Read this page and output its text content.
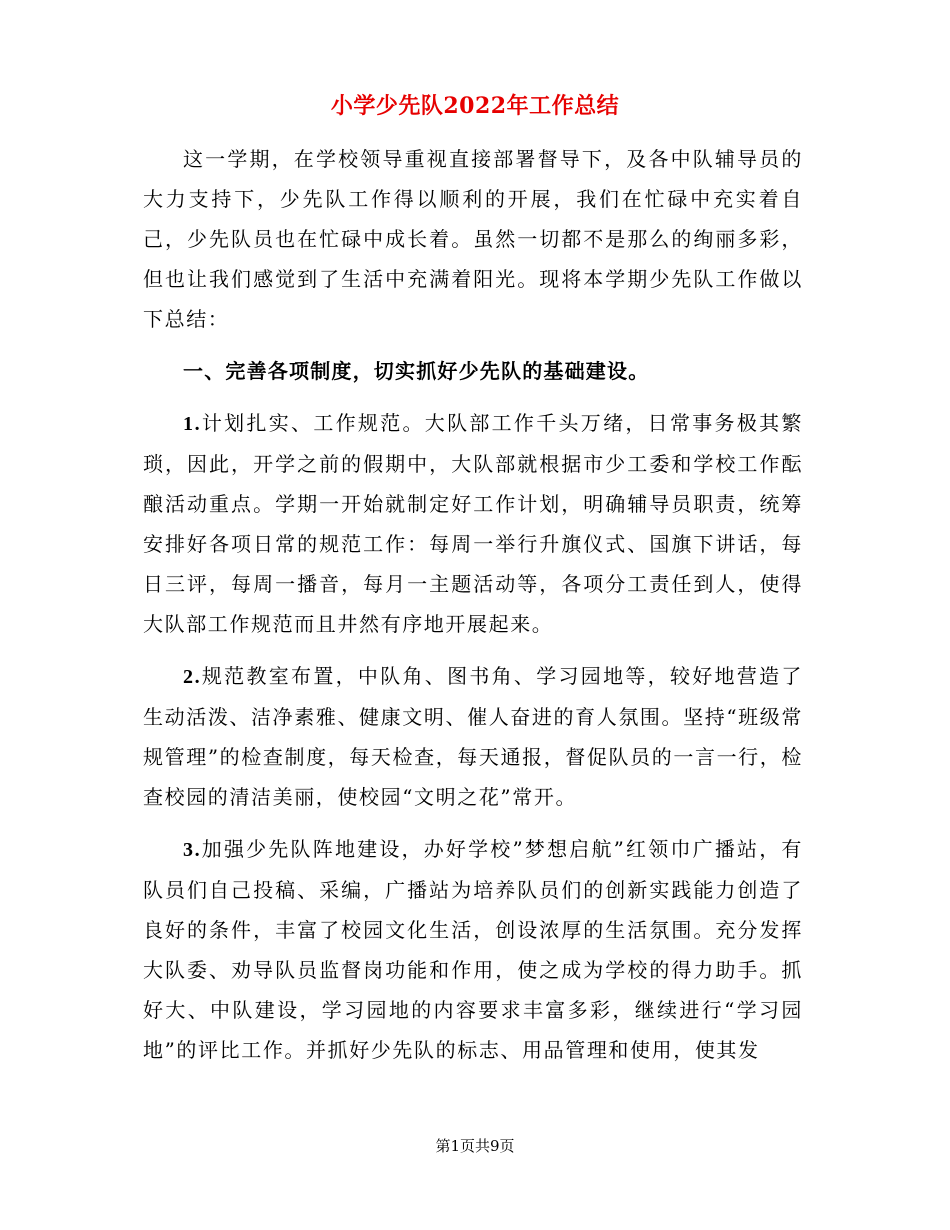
小学少先队2022年工作总结

这一学期，在学校领导重视直接部署督导下，及各中队辅导员的大力支持下，少先队工作得以顺利的开展，我们在忙碌中充实着自己，少先队员也在忙碌中成长着。虽然一切都不是那么的绚丽多彩，但也让我们感觉到了生活中充满着阳光。现将本学期少先队工作做以下总结：

一、完善各项制度，切实抓好少先队的基础建设。

1.计划扎实、工作规范。大队部工作千头万绪，日常事务极其繁琐，因此，开学之前的假期中，大队部就根据市少工委和学校工作酝酿活动重点。学期一开始就制定好工作计划，明确辅导员职责，统筹安排好各项日常的规范工作：每周一举行升旗仪式、国旗下讲话，每日三评，每周一播音，每月一主题活动等，各项分工责任到人，使得大队部工作规范而且井然有序地开展起来。

2.规范教室布置，中队角、图书角、学习园地等，较好地营造了生动活泼、洁净素雅、健康文明、催人奋进的育人氛围。坚持“班级常规管理”的检查制度，每天检查，每天通报，督促队员的一言一行，检查校园的清洁美丽，使校园“文明之花”常开。

3.加强少先队阵地建设，办好学校”梦想启航”红领巾广播站，有队员们自己投稿、采编，广播站为培养队员们的创新实践能力创造了良好的条件，丰富了校园文化生活，创设浓厚的生活氛围。充分发挥大队委、劝导队员监督岗功能和作用，使之成为学校的得力助手。抓好大、中队建设，学习园地的内容要求丰富多彩，继续进行“学习园地”的评比工作。并抓好少先队的标志、用品管理和使用，使其发

第1页共9页
